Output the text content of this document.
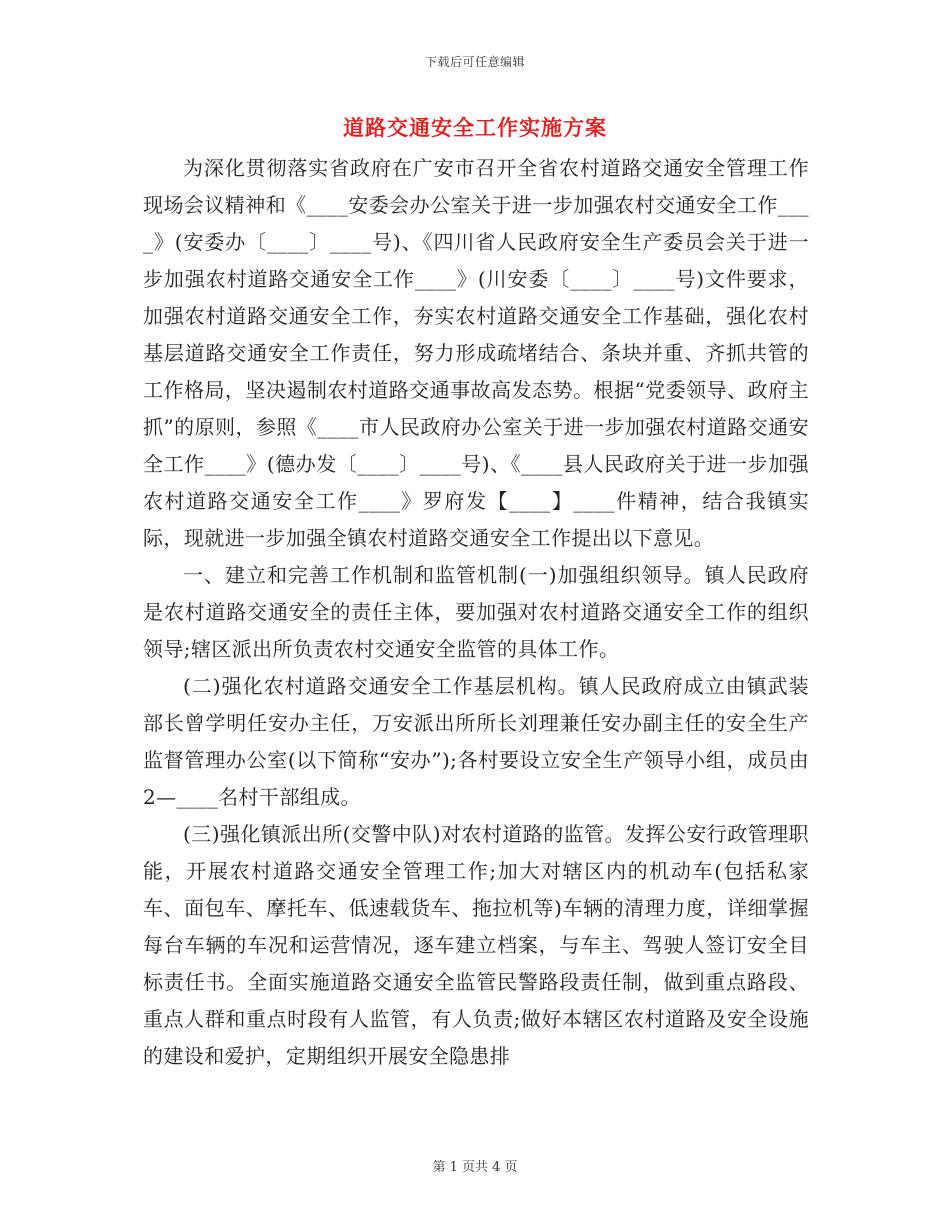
下载后可任意编辑
道路交通安全工作实施方案

为深化贯彻落实省政府在广安市召开全省农村道路交通安全管理工作现场会议精神和《____安委会办公室关于进一步加强农村交通安全工作____》(安委办〔____〕____号)、《四川省人民政府安全生产委员会关于进一步加强农村道路交通安全工作____》(川安委〔____〕____号)文件要求，加强农村道路交通安全工作，夯实农村道路交通安全工作基础，强化农村基层道路交通安全工作责任，努力形成疏堵结合、条块并重、齐抓共管的工作格局，坚决遏制农村道路交通事故高发态势。根据“党委领导、政府主抓”的原则，参照《____市人民政府办公室关于进一步加强农村道路交通安全工作____》(德办发〔____〕____号)、《____县人民政府关于进一步加强农村道路交通安全工作____》罗府发【____】____件精神，结合我镇实际，现就进一步加强全镇农村道路交通安全工作提出以下意见。

一、建立和完善工作机制和监管机制(一)加强组织领导。镇人民政府是农村道路交通安全的责任主体，要加强对农村道路交通安全工作的组织领导;辖区派出所负责农村交通安全监管的具体工作。

(二)强化农村道路交通安全工作基层机构。镇人民政府成立由镇武装部长曾学明任安办主任，万安派出所所长刘理兼任安办副主任的安全生产监督管理办公室(以下简称“安办”);各村要设立安全生产领导小组，成员由2—____名村干部组成。

(三)强化镇派出所(交警中队)对农村道路的监管。发挥公安行政管理职能，开展农村道路交通安全管理工作;加大对辖区内的机动车(包括私家车、面包车、摩托车、低速载货车、拖拉机等)车辆的清理力度，详细掌握每台车辆的车况和运营情况，逐车建立档案，与车主、驾驶人签订安全目标责任书。全面实施道路交通安全监管民警路段责任制，做到重点路段、重点人群和重点时段有人监管，有人负责;做好本辖区农村道路及安全设施的建设和爱护，定期组织开展安全隐患排

第 1 页共 4 页
